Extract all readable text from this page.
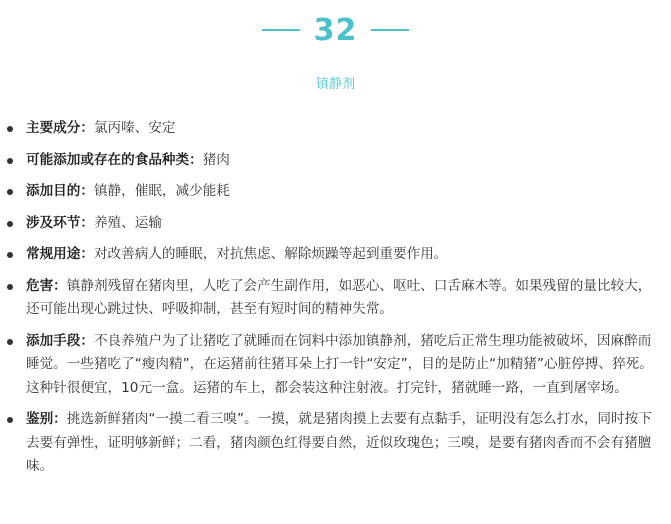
32
镇静剂
主要成分：氯丙嗪、安定
可能添加或存在的食品种类：猪肉
添加目的：镇静，催眠，减少能耗
涉及环节：养殖、运输
常规用途：对改善病人的睡眠，对抗焦虑、解除烦躁等起到重要作用。
危害：镇静剂残留在猪肉里，人吃了会产生副作用，如恶心、呕吐、口舌麻木等。如果残留的量比较大，还可能出现心跳过快、呼吸抑制，甚至有短时间的精神失常。
添加手段：不良养殖户为了让猪吃了就睡而在饲料中添加镇静剂，猪吃后正常生理功能被破坏，因麻醉而睡觉。一些猪吃了“瘦肉精”，在运猪前往猪耳朵上打一针“安定”，目的是防止“加精猪”心脏停搏、猝死。这种针很便宜，10元一盒。运猪的车上，都会装这种注射液。打完针，猪就睡一路，一直到屠宰场。
鉴别：挑选新鲜猪肉“一摸二看三嗅”。一摸，就是猪肉摸上去要有点黏手，证明没有怎么打水，同时按下去要有弹性，证明够新鲜；二看，猪肉颜色红得要自然，近似玫瑰色；三嗅，是要有猪肉香而不会有猪膻味。
